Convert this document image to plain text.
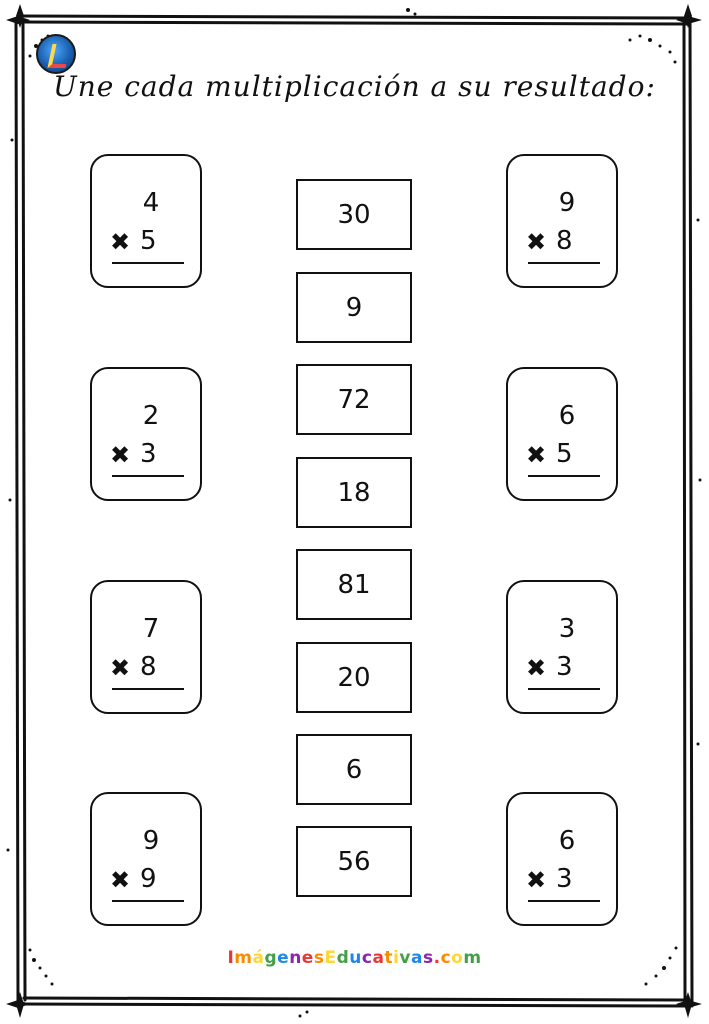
Une cada multiplicación a su resultado:
4
✖ 5
2
✖ 3
7
✖ 8
9
✖ 9
9
✖ 8
6
✖ 5
3
✖ 3
6
✖ 3
30
9
72
18
81
20
6
56
ImágenesEducativas.com
